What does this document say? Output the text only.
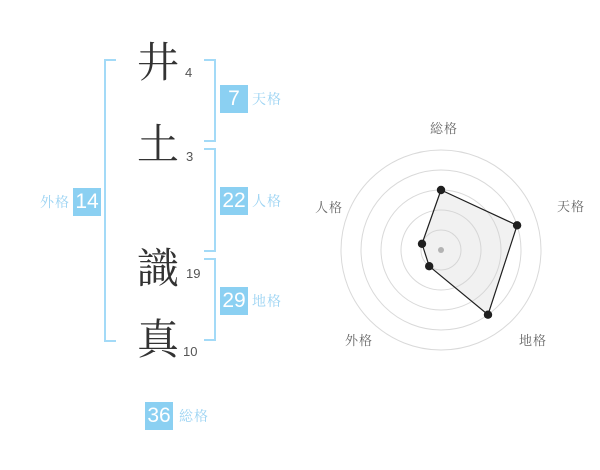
井
土
識
真
4
3
19
10
7
22
29
14
36
天格
人格
地格
外格
総格
総格
天格
地格
外格
人格
